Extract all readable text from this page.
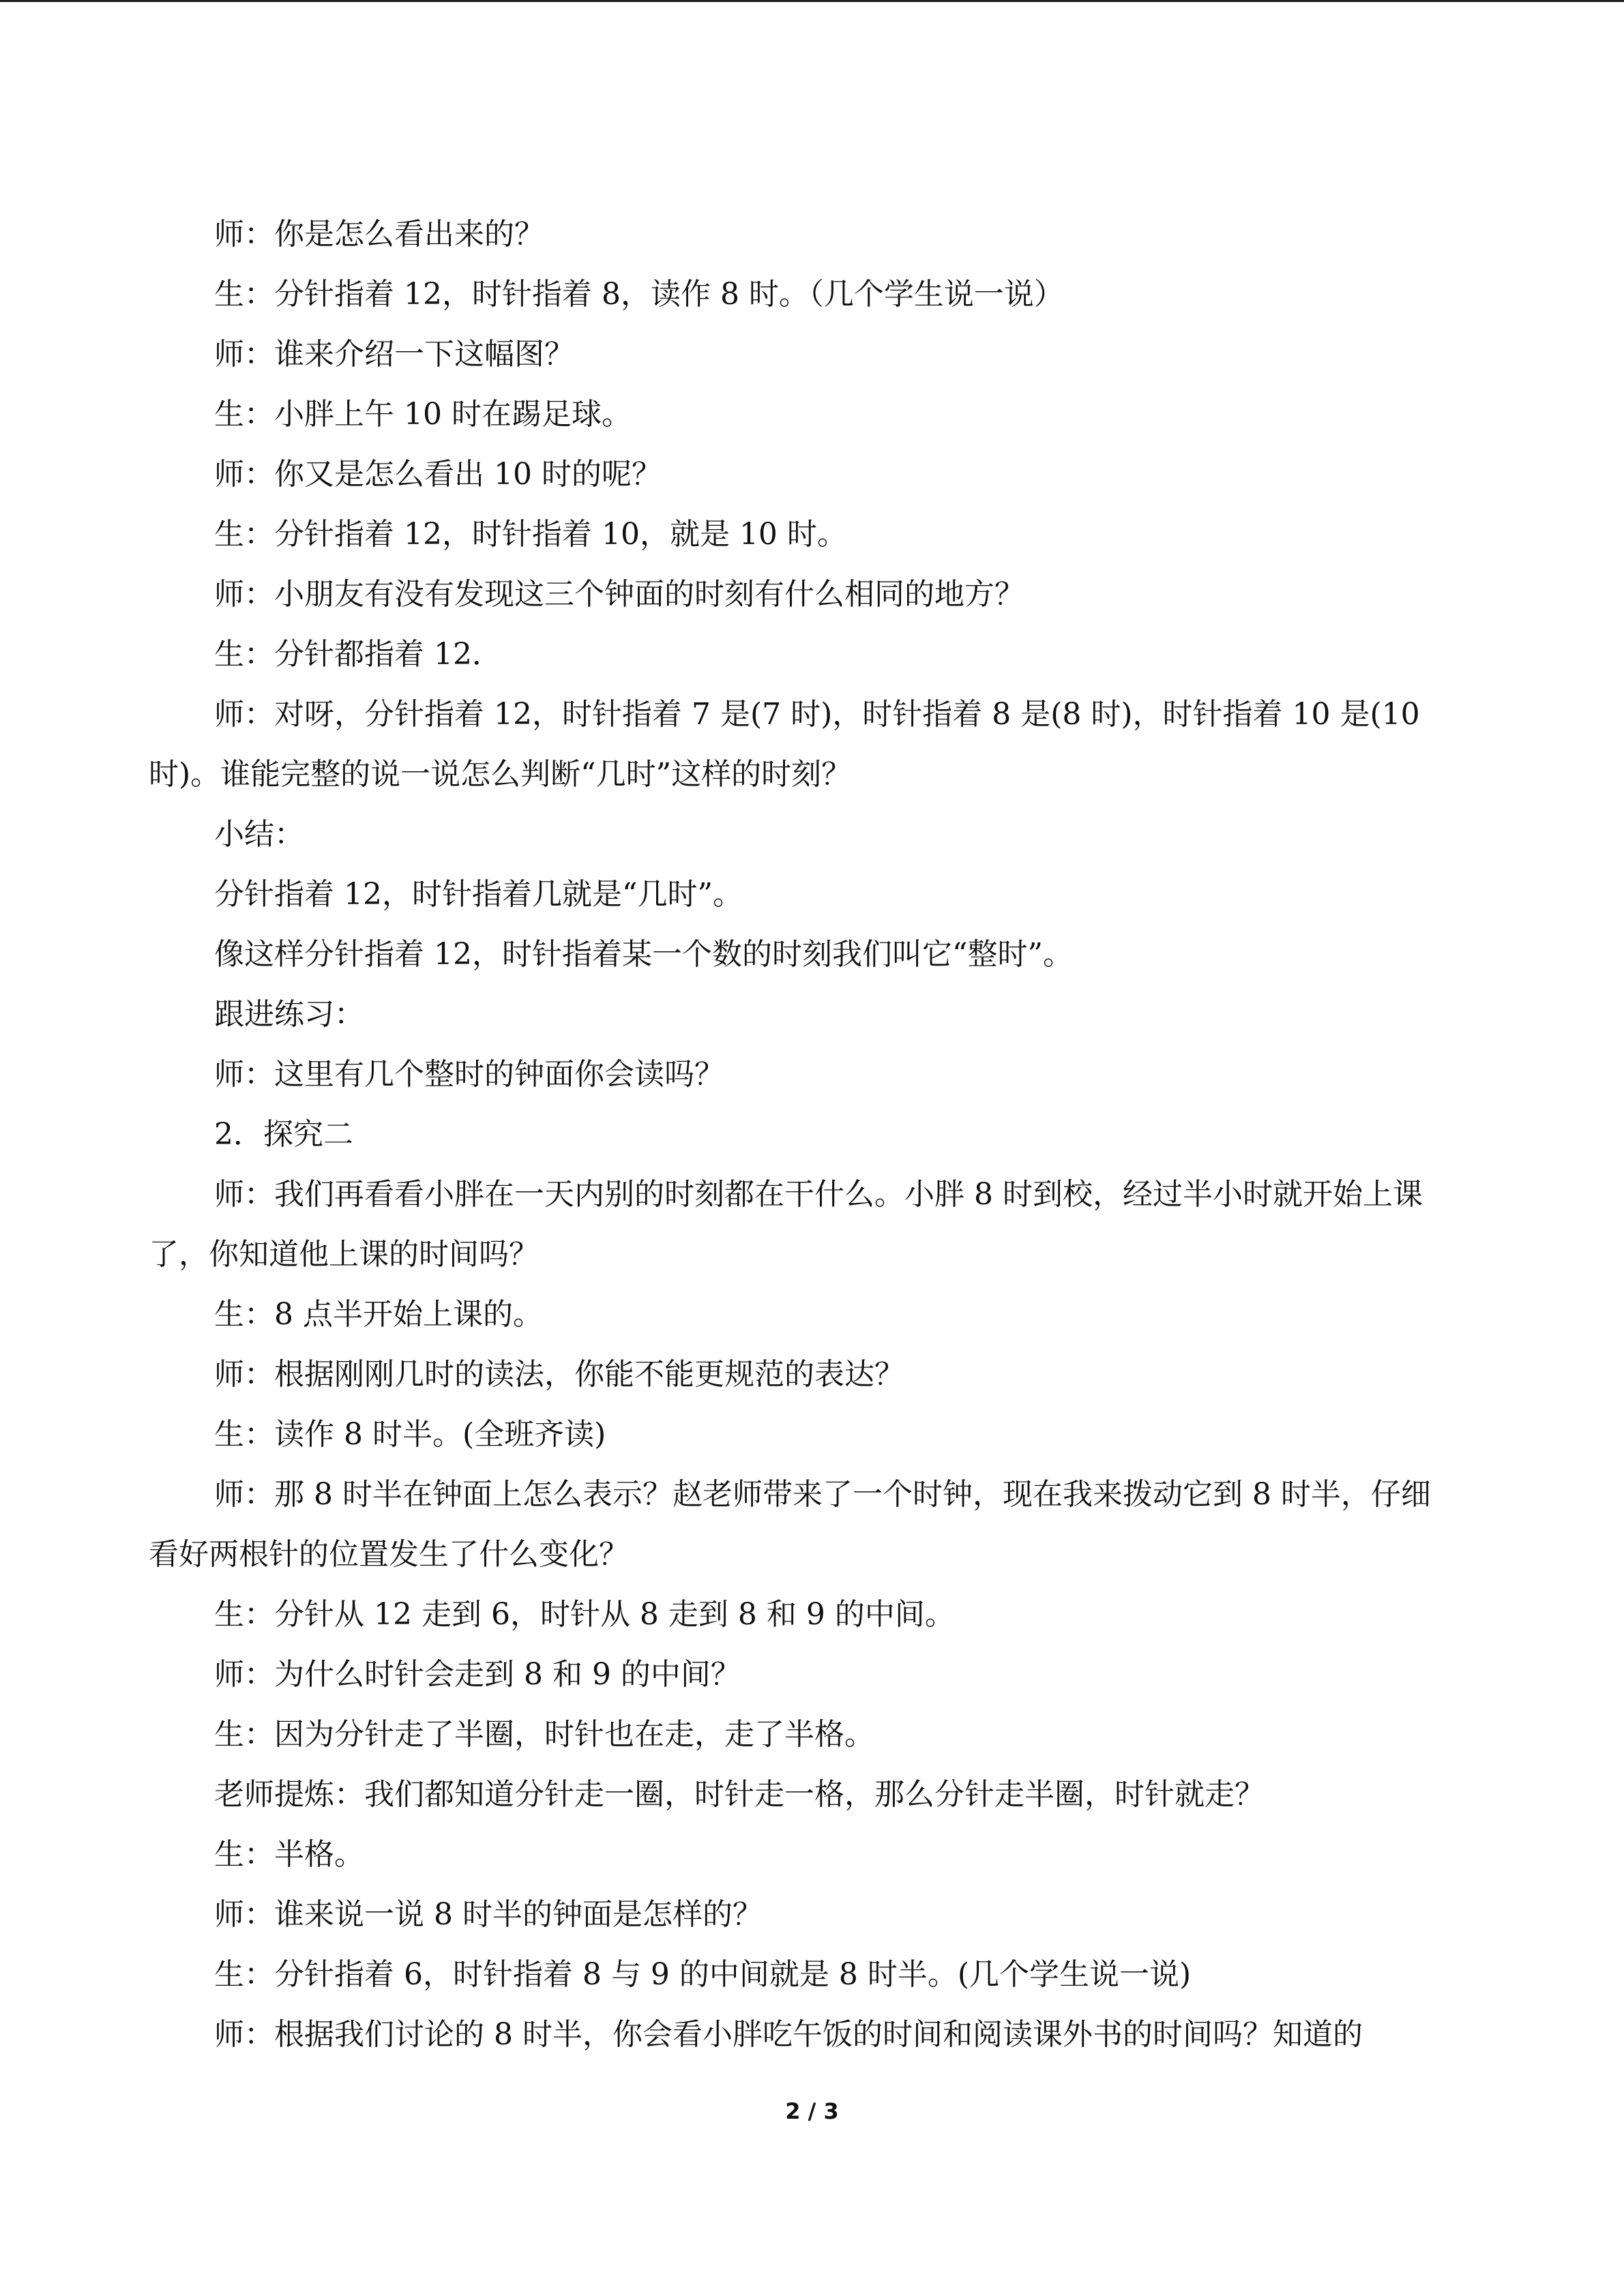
师：你是怎么看出来的？

生：分针指着 12，时针指着 8，读作 8 时。（几个学生说一说）

师：谁来介绍一下这幅图？

生：小胖上午 10 时在踢足球。

师：你又是怎么看出 10 时的呢？

生：分针指着 12，时针指着 10，就是 10 时。

师：小朋友有没有发现这三个钟面的时刻有什么相同的地方？

生：分针都指着 12．

师：对呀，分针指着 12，时针指着 7 是(7 时)，时针指着 8 是(8 时)，时针指着 10 是(10 时)。谁能完整的说一说怎么判断“几时”这样的时刻？

小结：

分针指着 12，时针指着几就是“几时”。

像这样分针指着 12，时针指着某一个数的时刻我们叫它“整时”。

跟进练习：

师：这里有几个整时的钟面你会读吗？

2．探究二

师：我们再看看小胖在一天内别的时刻都在干什么。小胖 8 时到校，经过半小时就开始上课了，你知道他上课的时间吗？

生：8 点半开始上课的。

师：根据刚刚几时的读法，你能不能更规范的表达？

生：读作 8 时半。(全班齐读)

师：那 8 时半在钟面上怎么表示？赵老师带来了一个时钟，现在我来拨动它到 8 时半，仔细看好两根针的位置发生了什么变化？

生：分针从 12 走到 6，时针从 8 走到 8 和 9 的中间。

师：为什么时针会走到 8 和 9 的中间？

生：因为分针走了半圈，时针也在走，走了半格。

老师提炼：我们都知道分针走一圈，时针走一格，那么分针走半圈，时针就走？

生：半格。

师：谁来说一说 8 时半的钟面是怎样的？

生：分针指着 6，时针指着 8 与 9 的中间就是 8 时半。(几个学生说一说)

师：根据我们讨论的 8 时半，你会看小胖吃午饭的时间和阅读课外书的时间吗？知道的

2 / 3
